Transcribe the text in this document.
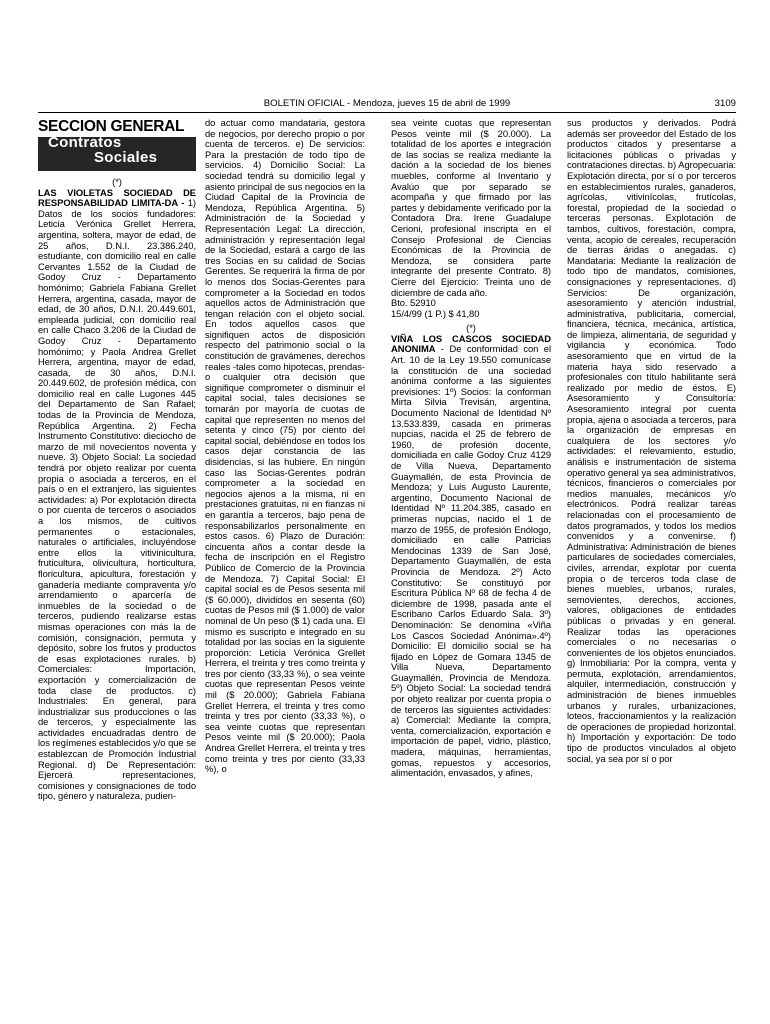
BOLETIN OFICIAL - Mendoza, jueves 15 de abril de 1999	3109
SECCION GENERAL
Contratos
Sociales

(*)

LAS VIOLETAS SOCIEDAD DE RESPONSABILIDAD LIMITA-DA - 1) Datos de los socios fundadores: Leticia Verónica Grellet Herrera, argentina, soltera, mayor de edad, de 25 años, D.N.I. 23.386.240, estudiante, con domicilio real en calle Cervantes 1.552 de la Ciudad de Godoy Cruz - Departamento homónimo; Gabriela Fabiana Grellet Herrera, argentina, casada, mayor de edad, de 30 años, D.N.I. 20.449.601, empleada judicial, con domicilio real en calle Chaco 3.206 de la Ciudad de Godoy Cruz - Departamento homónimo; y Paola Andrea Grellet Herrera, argentina, mayor de edad, casada, de 30 años, D.N.I. 20.449.602, de profesión médica, con domicilio real en calle Lugones 445 del Departamento de San Rafael; todas de la Provincia de Mendoza, República Argentina. 2) Fecha Instrumento Constitutivo: dieciocho de marzo de mil novecientos noventa y nueve. 3) Objeto Social: La sociedad tendrá por objeto realizar por cuenta propia o asociada a terceros, en el país o en el extranjero, las siguientes actividades: a) Por explotación directa o por cuenta de terceros o asociados a los mismos, de cultivos permanentes o estacionales, naturales o artificiales, incluyéndose entre ellos la vitivinicultura, fruticultura, olivicultura, horticultura, floricultura, apicultura, forestación y ganadería mediante compraventa y/o arrendamiento o aparcería de inmuebles de la sociedad o de terceros, pudiendo realizarse estas mismas operaciones con más la de comisión, consignación, permuta y depósito, sobre los frutos y productos de esas explotaciones rurales. b) Comerciales: Importación, exportación y comercialización de toda clase de productos. c) Industriales: En general, para industrializar sus producciones o las de terceros, y especialmente las actividades encuadradas dentro de los regímenes establecidos y/o que se establezcan de Promoción Industrial Regional. d) De Representación: Ejercerá representaciones, comisiones y consignaciones de todo tipo, género y naturaleza, pudien-

do actuar como mandataria, gestora de negocios, por derecho propio o por cuenta de terceros. e) De servicios: Para la prestación de todo tipo de servicios. 4) Domicilio Social: La sociedad tendrá su domicilio legal y asiento principal de sus negocios en la Ciudad Capital de la Provincia de Mendoza, República Argentina. 5) Administración de la Sociedad y Representación Legal: La dirección, administración y representación legal de la Sociedad, estará a cargo de las tres Socias en su calidad de Socias Gerentes. Se requerirá la firma de por lo menos dos Socias-Gerentes para comprometer a la Sociedad en todos aquellos actos de Administración que tengan relación con el objeto social. En todos aquellos casos que signifiquen actos de disposición respecto del patrimonio social o la constitución de gravámenes, derechos reales -tales como hipotecas, prendas- o cualquier otra decisión que signifique comprometer o disminuir el capital social, tales decisiones se tomarán por mayoría de cuotas de capital que representen no menos del setenta y cinco (75) por ciento del capital social, debiéndose en todos los casos dejar constancia de las disidencias, si las hubiere. En ningún caso las Socias-Gerentes podrán comprometer a la sociedad en negocios ajenos a la misma, ni en prestaciones gratuitas, ni en fianzas ni en garantía a terceros, bajo pena de responsabilizarlos personalmente en estos casos. 6) Plazo de Duración: cincuenta años a contar desde la fecha de inscripción en el Registro Público de Comercio de la Provincia de Mendoza. 7) Capital Social: El capital social es de Pesos sesenta mil ($ 60.000), divididos en sesenta (60) cuotas de Pesos mil ($ 1.000) de valor nominal de Un peso ($ 1) cada una. El mismo es suscripto e integrado en su totalidad por las socias en la siguiente proporción: Leticia Verónica Grellet Herrera, el treinta y tres como treinta y tres por ciento (33,33 %), o sea veinte cuotas que representan Pesos veinte mil ($ 20.000); Gabriela Fabiana Grellet Herrera, el treinta y tres como treinta y tres por ciento (33,33 %), o sea veinte cuotas que representan Pesos veinte mil ($ 20.000); Paola Andrea Grellet Herrera, el treinta y tres como treinta y tres por ciento (33,33 %), o

sea veinte cuotas que representan Pesos veinte mil ($ 20.000). La totalidad de los aportes e integración de las socias se realiza mediante la dación a la sociedad de los bienes muebles, conforme al Inventario y Avalúo que por separado se acompaña y que firmado por las partes y debidamente verificado por la Contadora Dra. Irene Guadalupe Cerioni, profesional inscripta en el Consejo Profesional de Ciencias Económicas de la Provincia de Mendoza, se considera parte integrante del presente Contrato. 8) Cierre del Ejercicio: Treinta uno de diciembre de cada año.

Bto. 52910

15/4/99 (1 P.) $ 41,80

(*)

VIÑA LOS CASCOS SOCIEDAD ANONIMA - De conformidad con el Art. 10 de la Ley 19.550 comunícase la constitución de una sociedad anónima conforme a las siguientes previsiones: 1º) Socios: la conforman Mirta Silvia Trevisán, argentina, Documento Nacional de Identidad Nº 13.533.839, casada en primeras nupcias, nacida el 25 de febrero de 1960, de profesión docente, domiciliada en calle Godoy Cruz 4129 de Villa Nueva, Departamento Guaymallén, de esta Provincia de Mendoza; y Luis Augusto Laurente, argentino, Documento Nacional de Identidad Nº 11.204.385, casado en primeras nupcias, nacido el 1 de marzo de 1955, de profesión Enólogo, domiciliado en calle Patricias Mendocinas 1339 de San José, Departamento Guaymallén, de esta Provincia de Mendoza. 2º) Acto Constitutivo: Se constituyó por Escritura Pública Nº 68 de fecha 4 de diciembre de 1998, pasada ante el Escribano Carlos Eduardo Sala. 3º) Denominación: Se denomina «Viña Los Cascos Sociedad Anónima».4º) Domicilio: El domicilio social se ha fijado en López de Gomara 1345 de Villa Nueva, Departamento Guaymallén, Provincia de Mendoza. 5º) Objeto Social: La sociedad tendrá por objeto realizar por cuenta propia o de terceros las siguientes actividades: a) Comercial: Mediante la compra, venta, comercialización, exportación e importación de papel, vidrio, plástico, madera, máquinas, herramientas, gomas, repuestos y accesorios, alimentación, envasados, y afines,

sus productos y derivados. Podrá además ser proveedor del Estado de los productos citados y presentarse a licitaciones públicas o privadas y contrataciones directas. b) Agropecuaria: Explotación directa, por sí o por terceros en establecimientos rurales, ganaderos, agrícolas, vitivinícolas, frutícolas, forestal, propiedad de la sociedad o terceras personas. Explotación de tambos, cultivos, forestación, compra, venta, acopio de cereales, recuperación de tierras áridas o anegadas. c) Mandataria: Mediante la realización de todo tipo de mandatos, comisiones, consignaciones y representaciones. d) Servicios: De organización, asesoramiento y atención industrial, administrativa, publicitaria, comercial, financiera, técnica, mecánica, artística, de limpieza, alimentaria, de seguridad y vigilancia y económica. Todo asesoramiento que en virtud de la materia haya sido reservado a profesionales con título habilitante será realizado por medio de éstos. E) Asesoramiento y Consultoría: Asesoramiento integral por cuenta propia, ajena o asociada a terceros, para la organización de empresas en cualquiera de los sectores y/o actividades: el relevamiento, estudio, análisis e instrumentación de sistema operativo general ya sea administrativos, técnicos, financieros o comerciales por medios manuales, mecánicos y/o electrónicos. Podrá realizar tareas relacionadas con el procesamiento de datos programados, y todos los medios convenidos y a convenirse. f) Administrativa: Administración de bienes particulares de sociedades comerciales, civiles, arrendar, explotar por cuenta propia o de terceros toda clase de bienes muebles, urbanos, rurales, semovientes, derechos, acciones, valores, obligaciones de entidades públicas o privadas y en general. Realizar todas las operaciones comerciales o no necesarias o convenientes de los objetos enunciados. g) Inmobiliaria: Por la compra, venta y permuta, explotación, arrendamientos, alquiler, intermediación, construcción y administración de bienes inmuebles urbanos y rurales, urbanizaciones, loteos, fraccionamientos y la realización de operaciones de propiedad horizontal. h) Importación y exportación: De todo tipo de productos vinculados al objeto social, ya sea por sí o por
